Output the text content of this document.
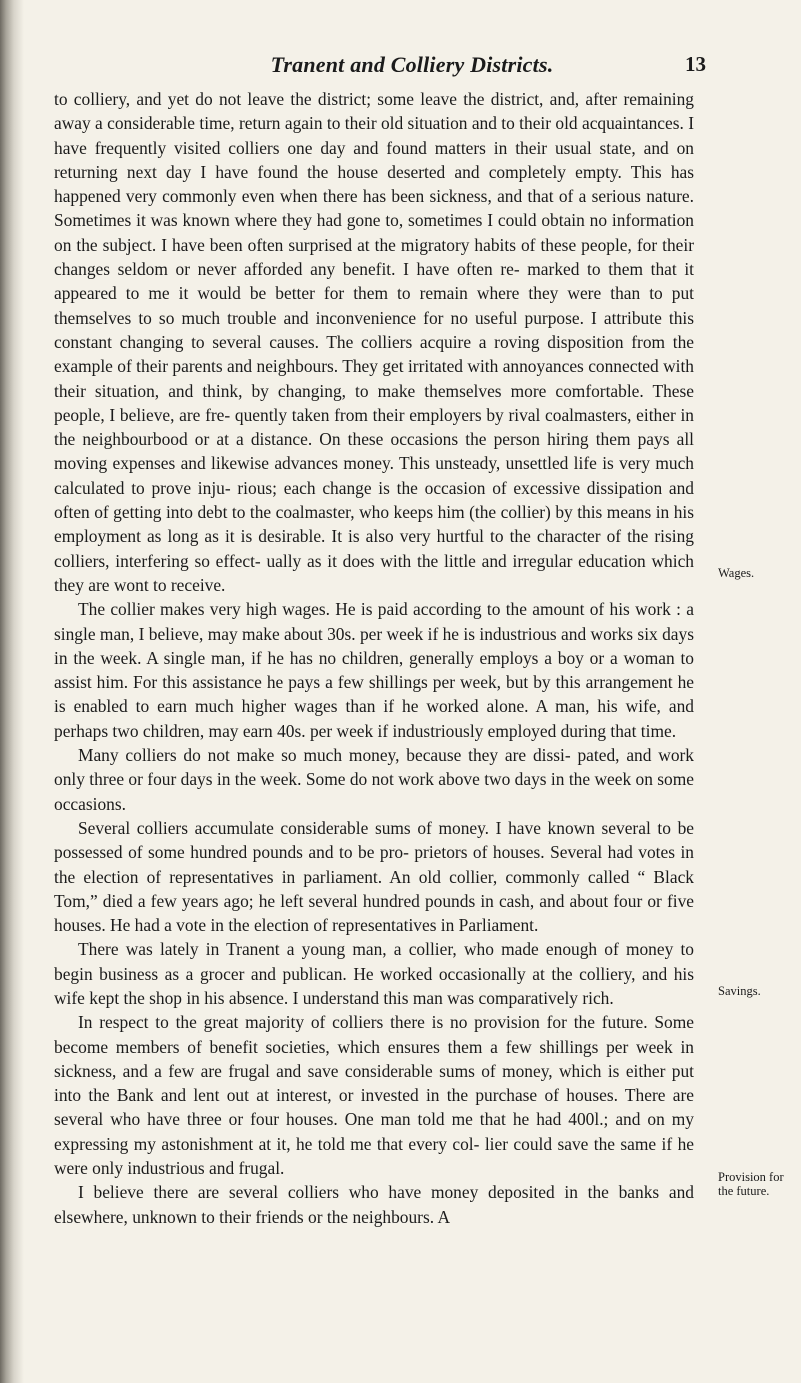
Tranent and Colliery Districts.	13

to colliery, and yet do not leave the district; some leave the district, and, after remaining away a considerable time, return again to their old situation and to their old acquaintances. I have frequently visited colliers one day and found matters in their usual state, and on returning next day I have found the house deserted and completely empty. This has happened very commonly even when there has been sickness, and that of a serious nature. Sometimes it was known where they had gone to, sometimes I could obtain no information on the subject. I have been often surprised at the migratory habits of these people, for their changes seldom or never afforded any benefit. I have often re- marked to them that it appeared to me it would be better for them to remain where they were than to put themselves to so much trouble and inconvenience for no useful purpose. I attribute this constant changing to several causes. The colliers acquire a roving disposition from the example of their parents and neighbours. They get irritated with annoyances connected with their situation, and think, by changing, to make themselves more comfortable. These people, I believe, are fre- quently taken from their employers by rival coalmasters, either in the neighbourbood or at a distance. On these occasions the person hiring them pays all moving expenses and likewise advances money. This unsteady, unsettled life is very much calculated to prove inju- rious; each change is the occasion of excessive dissipation and often of getting into debt to the coalmaster, who keeps him (the collier) by this means in his employment as long as it is desirable. It is also very hurtful to the character of the rising colliers, interfering so effect- ually as it does with the little and irregular education which they are wont to receive.

The collier makes very high wages. He is paid according to the amount of his work : a single man, I believe, may make about 30s. per week if he is industrious and works six days in the week. A single man, if he has no children, generally employs a boy or a woman to assist him. For this assistance he pays a few shillings per week, but by this arrangement he is enabled to earn much higher wages than if he worked alone. A man, his wife, and perhaps two children, may earn 40s. per week if industriously employed during that time.

Many colliers do not make so much money, because they are dissi- pated, and work only three or four days in the week. Some do not work above two days in the week on some occasions.

Several colliers accumulate considerable sums of money. I have known several to be possessed of some hundred pounds and to be pro- prietors of houses. Several had votes in the election of representatives in parliament. An old collier, commonly called “ Black Tom,” died a few years ago; he left several hundred pounds in cash, and about four or five houses. He had a vote in the election of representatives in Parliament.

There was lately in Tranent a young man, a collier, who made enough of money to begin business as a grocer and publican. He worked occasionally at the colliery, and his wife kept the shop in his absence. I understand this man was comparatively rich.

In respect to the great majority of colliers there is no provision for the future. Some become members of benefit societies, which ensures them a few shillings per week in sickness, and a few are frugal and save considerable sums of money, which is either put into the Bank and lent out at interest, or invested in the purchase of houses. There are several who have three or four houses. One man told me that he had 400l.; and on my expressing my astonishment at it, he told me that every col- lier could save the same if he were only industrious and frugal.

I believe there are several colliers who have money deposited in the banks and elsewhere, unknown to their friends or the neighbours. A

Wages.
Savings.
Provision for the future.
